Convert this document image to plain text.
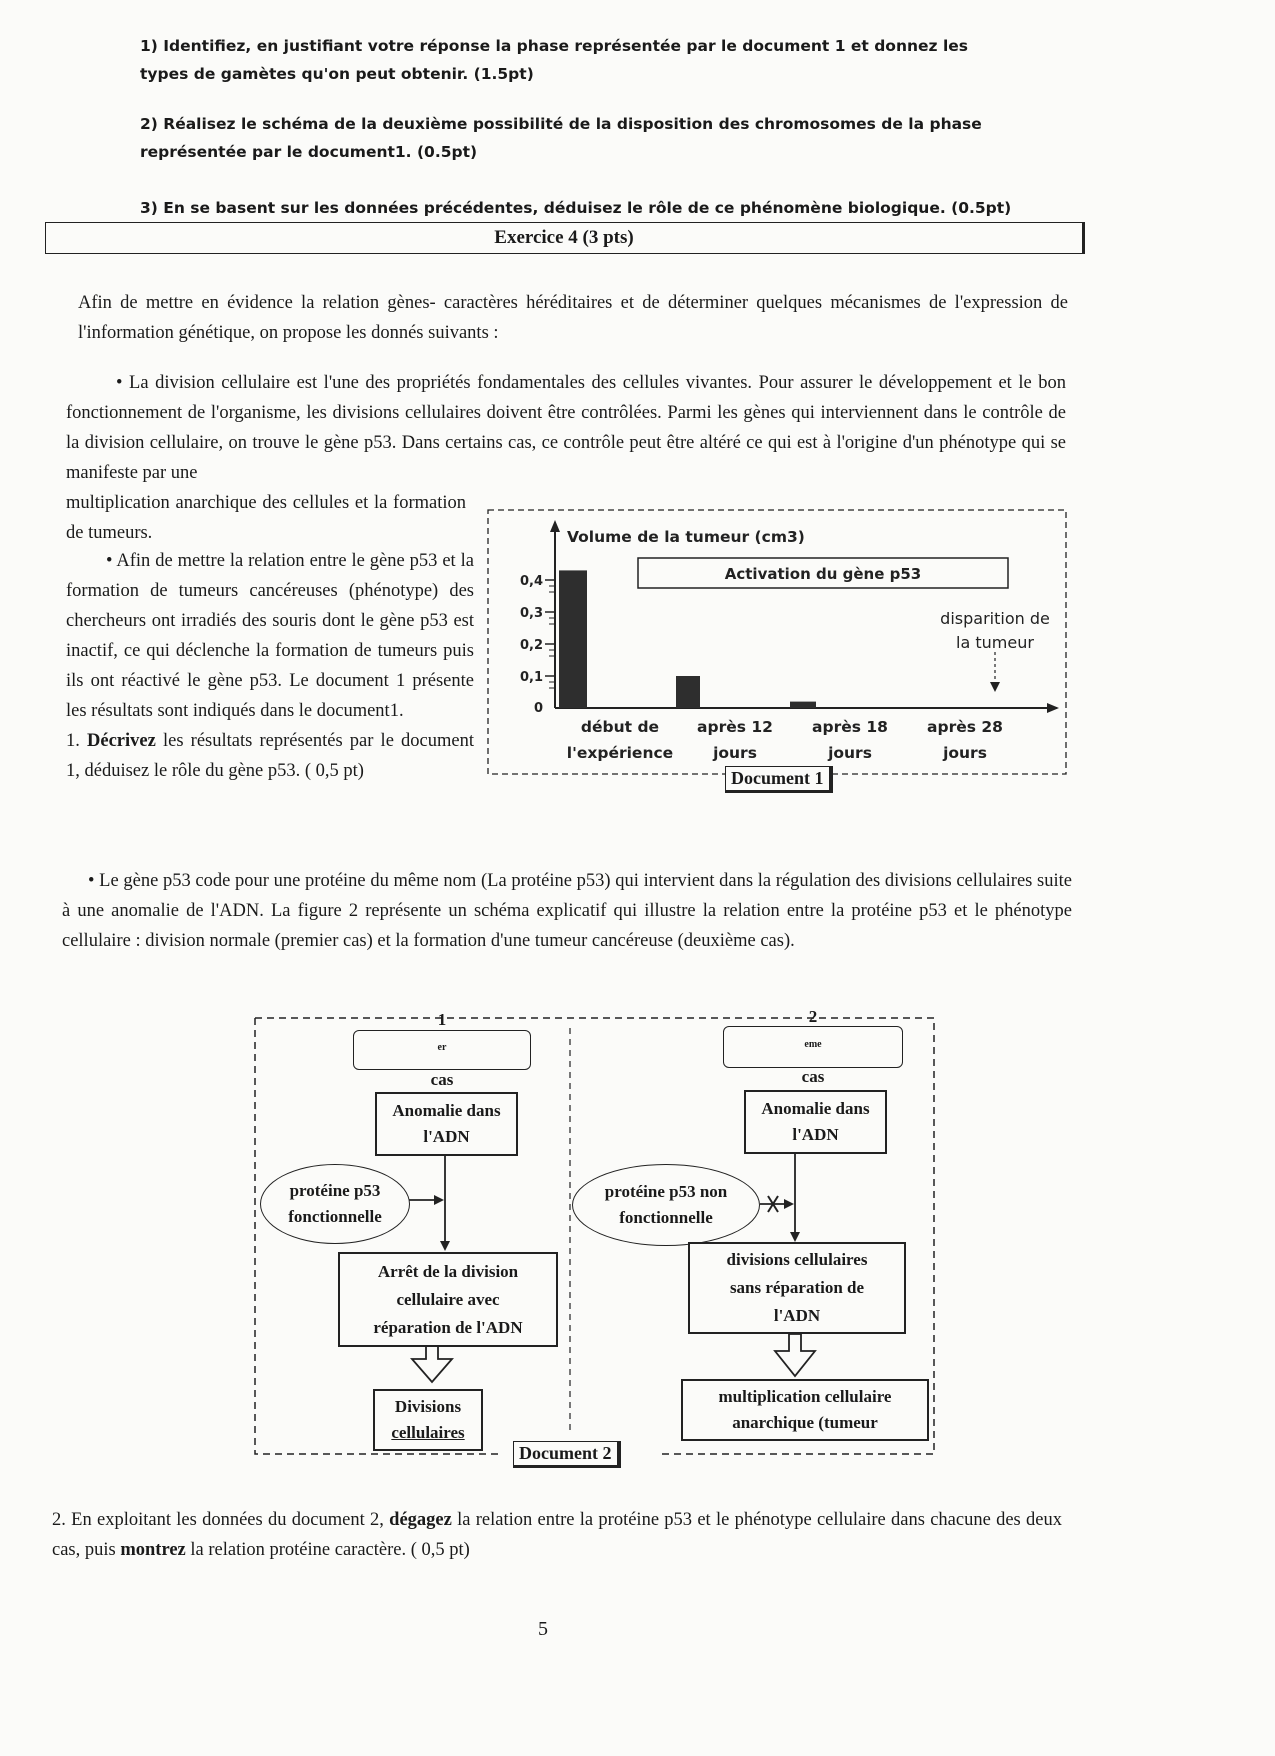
1) Identifiez, en justifiant votre réponse la phase représentée par le document 1 et donnez les types de gamètes qu'on peut obtenir. (1.5pt)
2) Réalisez le schéma de la deuxième possibilité de la disposition des chromosomes de la phase représentée par le document1. (0.5pt)
3) En se basent sur les données précédentes, déduisez le rôle de ce phénomène biologique. (0.5pt)
Exercice 4 (3 pts)
Afin de mettre en évidence la relation gènes- caractères héréditaires et de déterminer quelques mécanismes de l'expression de l'information génétique, on propose les donnés suivants :
• La division cellulaire est l'une des propriétés fondamentales des cellules vivantes. Pour assurer le développement et le bon fonctionnement de l'organisme, les divisions cellulaires doivent être contrôlées. Parmi les gènes qui interviennent dans le contrôle de la division cellulaire, on trouve le gène p53. Dans certains cas, ce contrôle peut être altéré ce qui est à l'origine d'un phénotype qui se manifeste par une
multiplication anarchique des cellules et la formation de tumeurs.
• Afin de mettre la relation entre le gène p53 et la formation de tumeurs cancéreuses (phénotype) des chercheurs ont irradiés des souris dont le gène p53 est inactif, ce qui déclenche la formation de tumeurs puis ils ont réactivé le gène p53. Le document 1 présente les résultats sont indiqués dans le document1.
1. Décrivez les résultats représentés par le document 1, déduisez le rôle du gène p53. ( 0,5 pt)
Volume de la tumeur (cm3)
0
0,1
0,2
0,3
0,4
début de
l'expérience
après 12
jours
après 18
jours
après 28
jours
Activation du gène p53
disparition de
la tumeur
Document 1
• Le gène p53 code pour une protéine du même nom (La protéine p53) qui intervient dans la régulation des divisions cellulaires suite à une anomalie de l'ADN. La figure 2 représente un schéma explicatif qui illustre la relation entre la protéine p53 et le phénotype cellulaire : division normale (premier cas) et la formation d'une tumeur cancéreuse (deuxième cas).
1
$^{er}$
cas
Anomalie dans
l'ADN
protéine p53
fonctionnelle
Arrêt de la division
cellulaire avec
réparation de l'ADN
Divisions
cellulaires
2
$^{eme}$
cas
Anomalie dans
l'ADN
protéine p53 non
fonctionnelle
divisions cellulaires
sans réparation de
l'ADN
multiplication cellulaire
anarchique (tumeur
Document 2
2. En exploitant les données du document 2, dégagez la relation entre la protéine p53 et le phénotype cellulaire dans chacune des deux cas, puis montrez la relation protéine caractère. ( 0,5 pt)
5
